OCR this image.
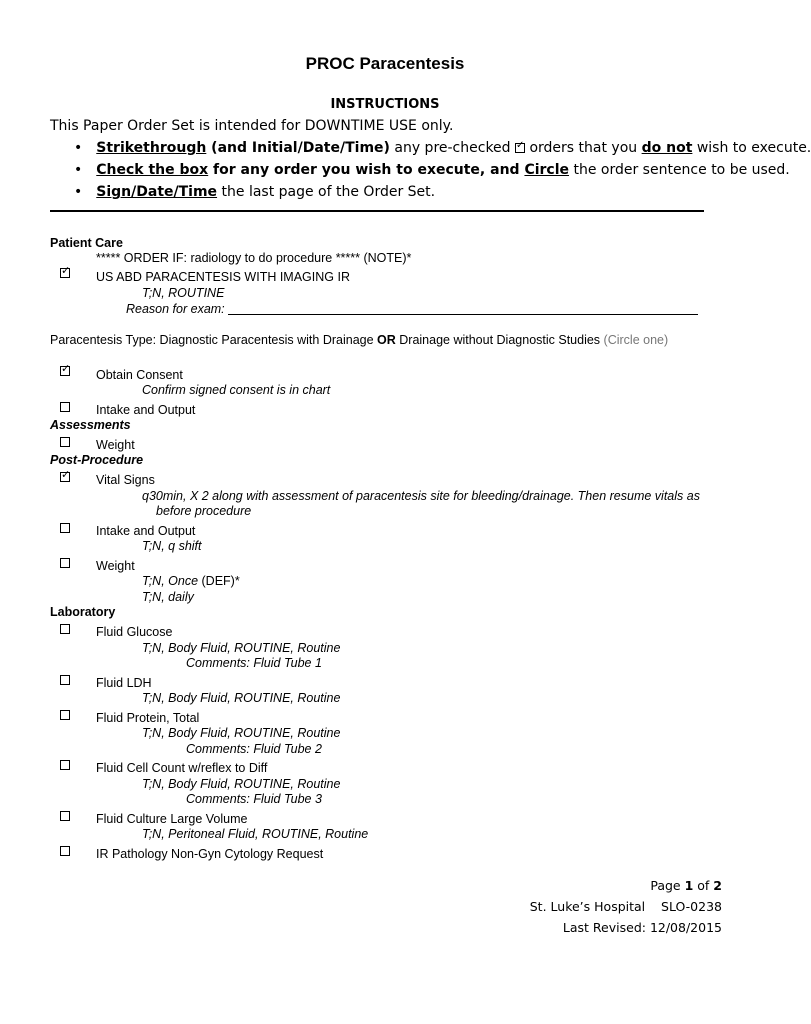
PROC Paracentesis
INSTRUCTIONS
This Paper Order Set is intended for DOWNTIME USE only.
• Strikethrough (and Initial/Date/Time) any pre-checked ✓ orders that you do not wish to execute.
• Check the box for any order you wish to execute, and Circle the order sentence to be used.
• Sign/Date/Time the last page of the Order Set.
Patient Care
***** ORDER IF: radiology to do procedure ***** (NOTE)*
✓ US ABD PARACENTESIS WITH IMAGING IR
T;N, ROUTINE
Reason for exam:
Paracentesis Type: Diagnostic Paracentesis with Drainage OR Drainage without Diagnostic Studies (Circle one)
✓ Obtain Consent
Confirm signed consent is in chart
Intake and Output
Assessments
Weight
Post-Procedure
✓ Vital Signs
q30min, X 2 along with assessment of paracentesis site for bleeding/drainage. Then resume vitals as
before procedure
Intake and Output
T;N, q shift
Weight
T;N, Once (DEF)*
T;N, daily
Laboratory
Fluid Glucose
T;N, Body Fluid, ROUTINE, Routine
Comments: Fluid Tube 1
Fluid LDH
T;N, Body Fluid, ROUTINE, Routine
Fluid Protein, Total
T;N, Body Fluid, ROUTINE, Routine
Comments: Fluid Tube 2
Fluid Cell Count w/reflex to Diff
T;N, Body Fluid, ROUTINE, Routine
Comments: Fluid Tube 3
Fluid Culture Large Volume
T;N, Peritoneal Fluid, ROUTINE, Routine
IR Pathology Non-Gyn Cytology Request
Page 1 of 2
St. Luke’s Hospital    SLO-0238
Last Revised: 12/08/2015
